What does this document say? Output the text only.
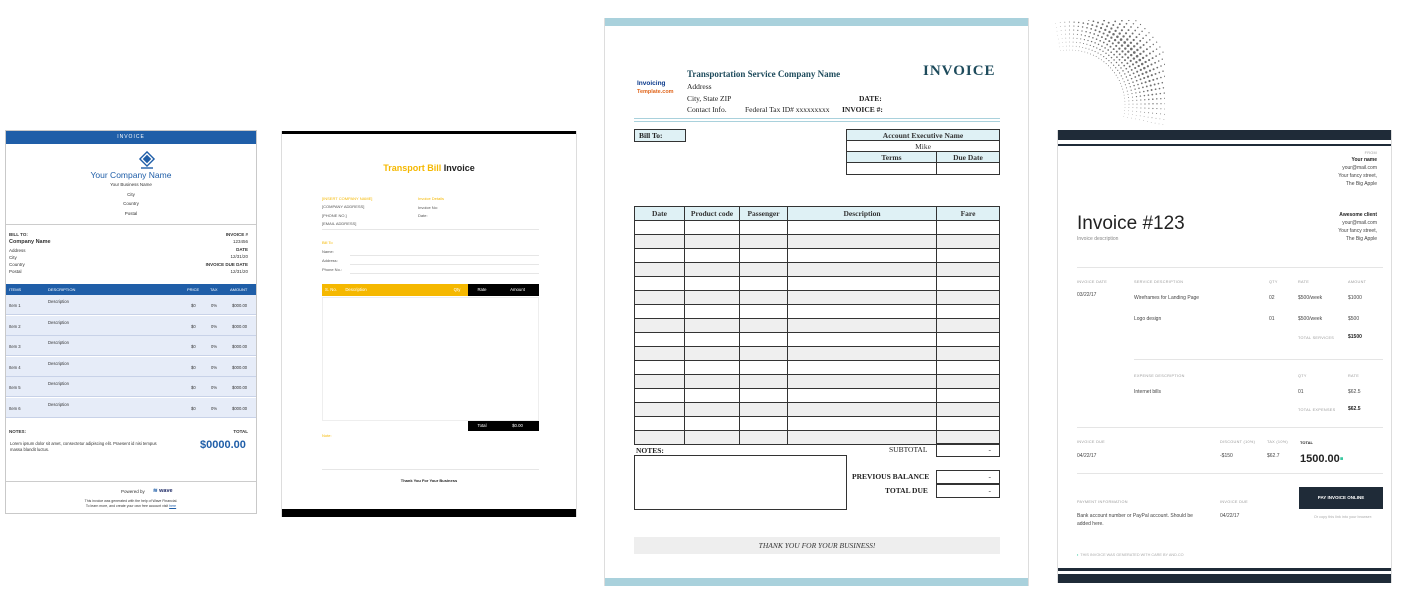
INVOICE
Your Company Name
Your Business Name
City
Country
Postal
BILL TO:
Company Name
Address
City
Country
Postal
INVOICE #
123456
DATE
12/31/20
INVOICE DUE DATE
12/31/20
ITEMS	DESCRIPTION	PRICE	TAX	AMOUNT
NOTES:	TOTAL
Lorem ipsum dolor sit amet, consectetur adipiscing elit. Praesent id nisi tempus massa blandit luctus.	$0000.00
Powered by ≋ wave
This invoice was generated with the help of Wave Financial.
To learn more, and create your own free account visit here
Item 1
Description
$0	0%	$000.00
Item 2
Description
$0	0%	$000.00
Item 3
Description
$0	0%	$000.00
Item 4
Description
$0	0%	$000.00
Item 5
Description
$0	0%	$000.00
Item 6
Description
$0	0%	$000.00
Transport Bill Invoice
[INSERT COMPANY NAME]
[COMPANY ADDRESS]
[PHONE NO.]
[EMAIL ADDRESS]
Invoice Details
Invoice No:
Date:
Bill To
Name:
Address:
Phone No.:
S. No. Description	Qty	Rate	Amount
Total	$0.00
Note:
Thank You For Your Business
Invoicing
Template.com
Transportation Service Company Name	INVOICE
Address
City, State ZIP
Contact Info. Federal Tax ID# xxxxxxxxx
DATE:
INVOICE #:
Bill To:	Account Executive Name	
Mike	
Terms	Due Date

Date	Product code	Passenger	Description	Fare

NOTES:	SUBTOTAL	-
PREVIOUS BALANCE	-
TOTAL DUE	-
THANK YOU FOR YOUR BUSINESS!
FROM
Your name
your@mail.com
Your fancy street,
The Big Apple
Invoice #123
Invoice description
Awesome client
your@mail.com
Your fancy street,
The Big Apple
INVOICE DATE
03/22/17
SERVICE DESCRIPTION	QTY	RATE	AMOUNT
Wireframes for Landing Page	02	$500/week	$1000
Logo design	01	$500/week	$500
TOTAL SERVICES	$1500
EXPENSE DESCRIPTION	QTY	RATE
Internet bills	01	$62.5
TOTAL EXPENSES	$62.5
INVOICE DUE
04/22/17
DISCOUNT (10%)
-$150
TAX (10%)
$62.7
TOTAL
1500.00▪
PAYMENT INFORMATION
Bank account number or PayPal account. Should be added here.
INVOICE DUE
04/22/17
PAY INVOICE ONLINE
Or copy this link into your browser:
◐ THIS INVOICE WAS GENERATED WITH CARE BY AND.CO
